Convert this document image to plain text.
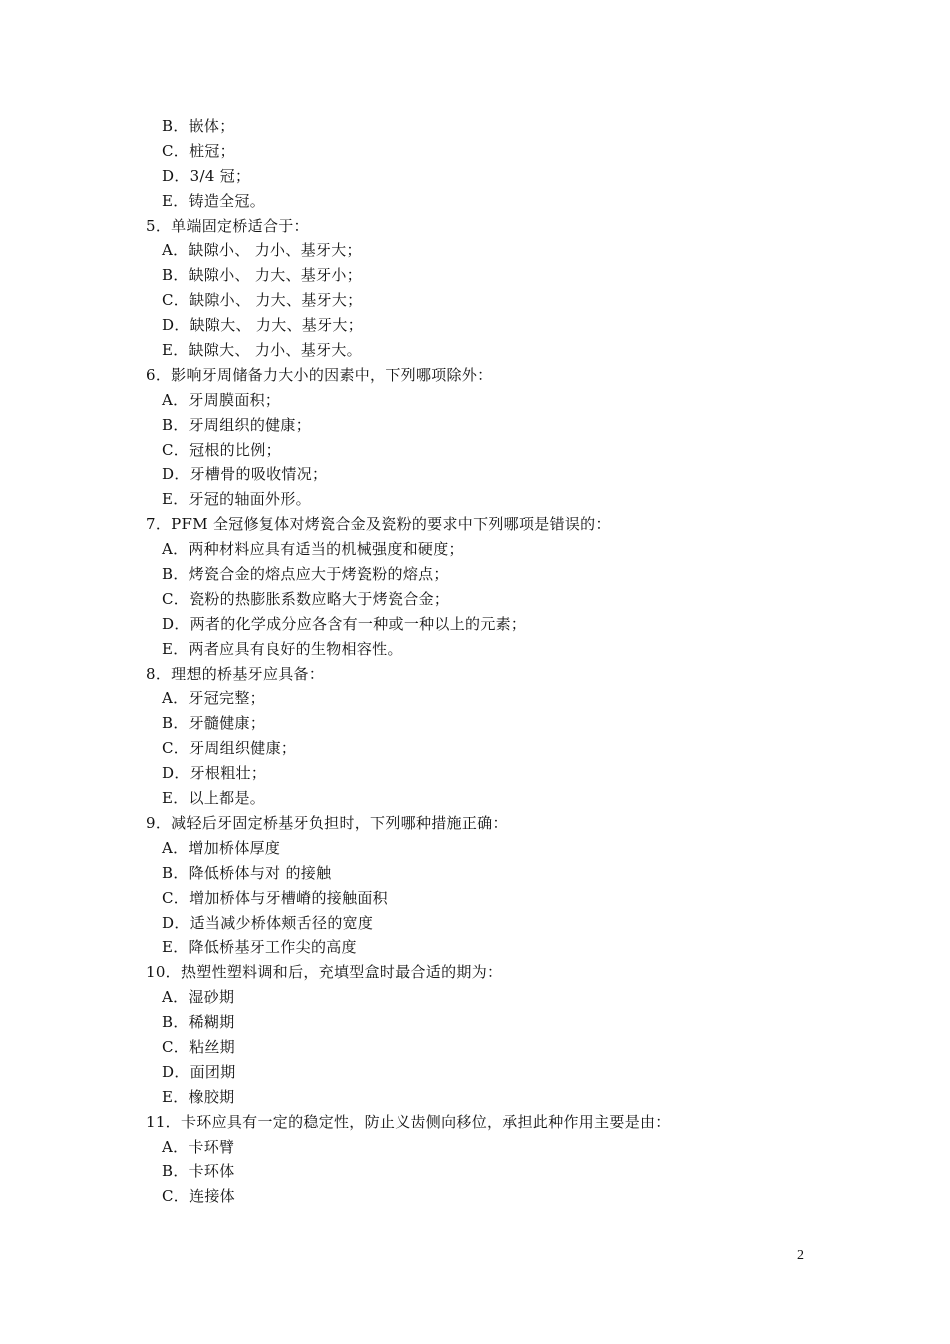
B．嵌体；
C．桩冠；
D．3/4 冠；
E．铸造全冠。
5．单端固定桥适合于：
A．缺隙小、 力小、基牙大；
B．缺隙小、 力大、基牙小；
C．缺隙小、 力大、基牙大；
D．缺隙大、 力大、基牙大；
E．缺隙大、 力小、基牙大。
6．影响牙周储备力大小的因素中，下列哪项除外：
A．牙周膜面积；
B．牙周组织的健康；
C．冠根的比例；
D．牙槽骨的吸收情况；
E．牙冠的轴面外形。
7．PFM 全冠修复体对烤瓷合金及瓷粉的要求中下列哪项是错误的：
A．两种材料应具有适当的机械强度和硬度；
B．烤瓷合金的熔点应大于烤瓷粉的熔点；
C．瓷粉的热膨胀系数应略大于烤瓷合金；
D．两者的化学成分应各含有一种或一种以上的元素；
E．两者应具有良好的生物相容性。
8．理想的桥基牙应具备：
A．牙冠完整；
B．牙髓健康；
C．牙周组织健康；
D．牙根粗壮；
E．以上都是。
9．减轻后牙固定桥基牙负担时，下列哪种措施正确：
A．增加桥体厚度
B．降低桥体与对 的接触
C．增加桥体与牙槽嵴的接触面积
D．适当减少桥体颊舌径的宽度
E．降低桥基牙工作尖的高度
10．热塑性塑料调和后，充填型盒时最合适的期为：
A．湿砂期
B．稀糊期
C．粘丝期
D．面团期
E．橡胶期
11．卡环应具有一定的稳定性，防止义齿侧向移位，承担此种作用主要是由：
A．卡环臂
B．卡环体
C．连接体
2
